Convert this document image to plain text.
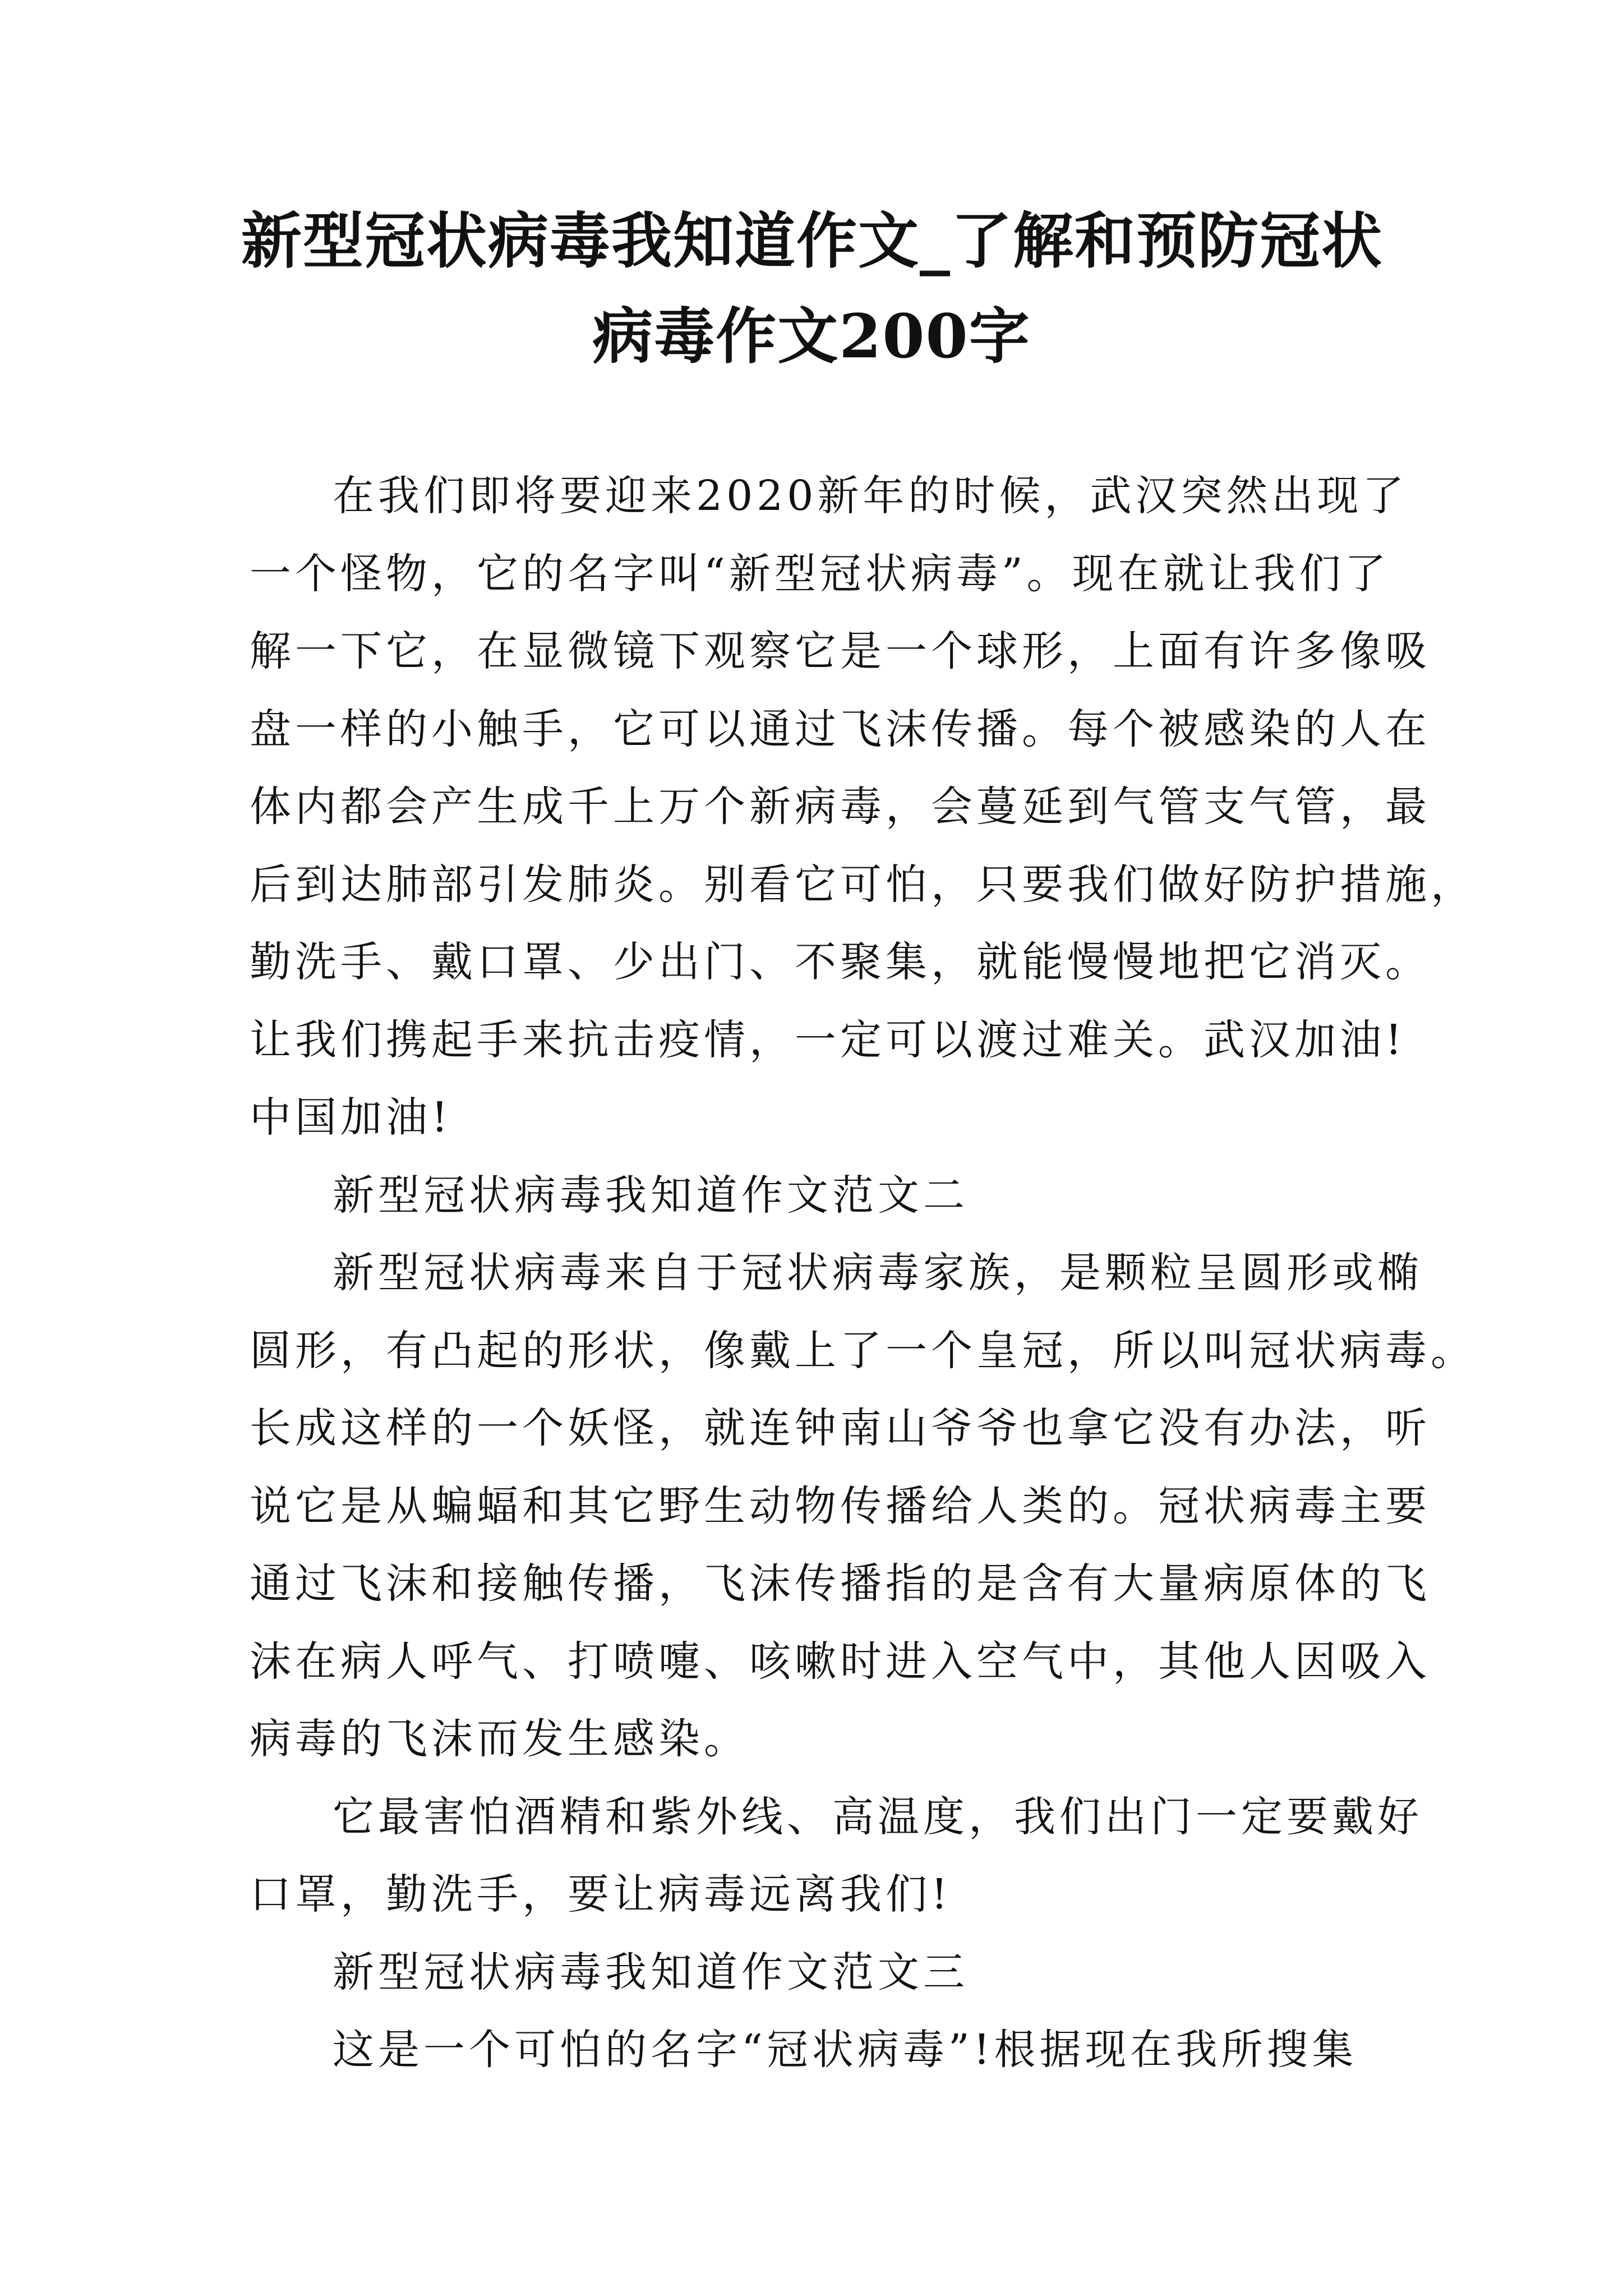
新型冠状病毒我知道作文_了解和预防冠状
病毒作文200字

在我们即将要迎来2020新年的时候，武汉突然出现了
一个怪物，它的名字叫“新型冠状病毒”。现在就让我们了
解一下它，在显微镜下观察它是一个球形，上面有许多像吸
盘一样的小触手，它可以通过飞沫传播。每个被感染的人在
体内都会产生成千上万个新病毒，会蔓延到气管支气管，最
后到达肺部引发肺炎。别看它可怕，只要我们做好防护措施，
勤洗手、戴口罩、少出门、不聚集，就能慢慢地把它消灭。
让我们携起手来抗击疫情，一定可以渡过难关。武汉加油!
中国加油!

新型冠状病毒我知道作文范文二

新型冠状病毒来自于冠状病毒家族，是颗粒呈圆形或椭
圆形，有凸起的形状，像戴上了一个皇冠，所以叫冠状病毒。
长成这样的一个妖怪，就连钟南山爷爷也拿它没有办法，听
说它是从蝙蝠和其它野生动物传播给人类的。冠状病毒主要
通过飞沫和接触传播，飞沫传播指的是含有大量病原体的飞
沫在病人呼气、打喷嚏、咳嗽时进入空气中，其他人因吸入
病毒的飞沫而发生感染。

它最害怕酒精和紫外线、高温度，我们出门一定要戴好
口罩，勤洗手，要让病毒远离我们!

新型冠状病毒我知道作文范文三

这是一个可怕的名字“冠状病毒”!根据现在我所搜集
